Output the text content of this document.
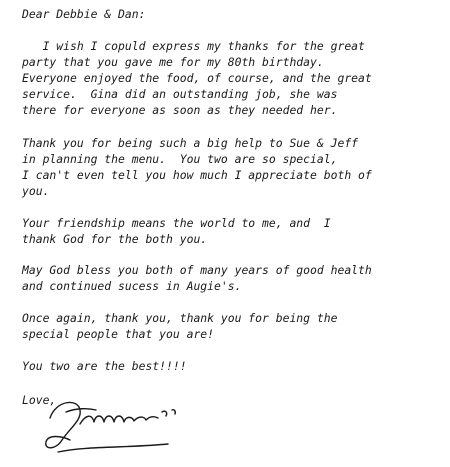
Dear Debbie & Dan:
I wish I copuld express my thanks for the great
party that you gave me for my 80th birthday.
Everyone enjoyed the food, of course, and the great
service.  Gina did an outstanding job, she was
there for everyone as soon as they needed her.
Thank you for being such a big help to Sue & Jeff
in planning the menu.  You two are so special,
I can't even tell you how much I appreciate both of
you.
Your friendship means the world to me, and  I
thank God for the both you.
May God bless you both of many years of good health
and continued sucess in Augie's.
Once again, thank you, thank you for being the
special people that you are!
You two are the best!!!!
Love,
